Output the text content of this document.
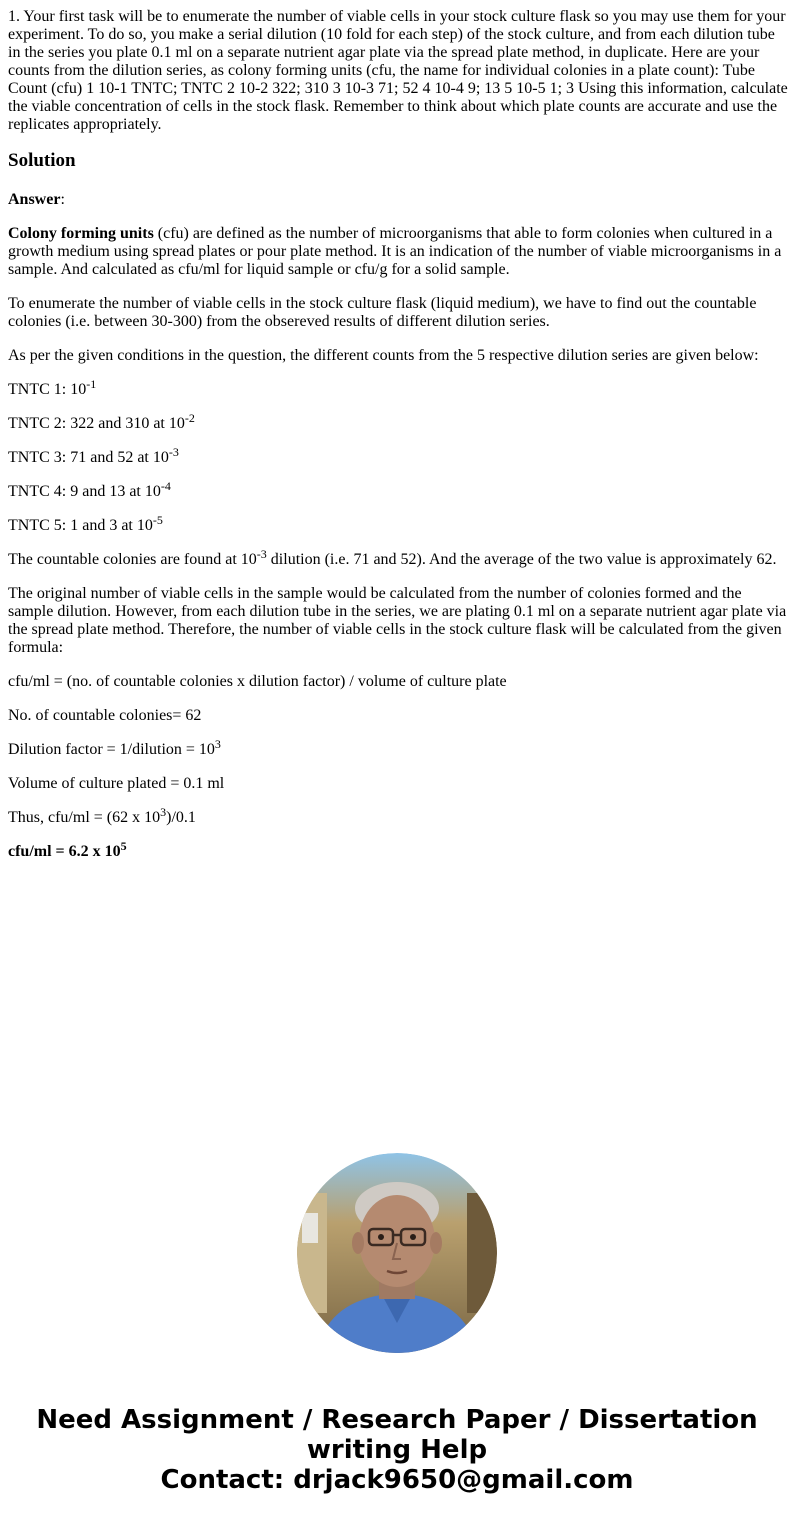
1. Your first task will be to enumerate the number of viable cells in your stock culture flask so you may use them for your experiment. To do so, you make a serial dilution (10 fold for each step) of the stock culture, and from each dilution tube in the series you plate 0.1 ml on a separate nutrient agar plate via the spread plate method, in duplicate. Here are your counts from the dilution series, as colony forming units (cfu, the name for individual colonies in a plate count): Tube Count (cfu) 1 10-1 TNTC; TNTC 2 10-2 322; 310 3 10-3 71; 52 4 10-4 9; 13 5 10-5 1; 3 Using this information, calculate the viable concentration of cells in the stock flask. Remember to think about which plate counts are accurate and use the replicates appropriately.

Solution

Answer:

Colony forming units (cfu) are defined as the number of microorganisms that able to form colonies when cultured in a growth medium using spread plates or pour plate method. It is an indication of the number of viable microorganisms in a sample. And calculated as cfu/ml for liquid sample or cfu/g for a solid sample.

To enumerate the number of viable cells in the stock culture flask (liquid medium), we have to find out the countable colonies (i.e. between 30-300) from the obsereved results of different dilution series.

As per the given conditions in the question, the different counts from the 5 respective dilution series are given below:

TNTC 1: $10^{-1}$

TNTC 2: 322 and 310 at $10^{-2}$

TNTC 3: 71 and 52 at $10^{-3}$

TNTC 4: 9 and 13 at $10^{-4}$

TNTC 5: 1 and 3 at $10^{-5}$

The countable colonies are found at $10^{-3}$ dilution (i.e. 71 and 52). And the average of the two value is approximately 62.

The original number of viable cells in the sample would be calculated from the number of colonies formed and the sample dilution. However, from each dilution tube in the series, we are plating 0.1 ml on a separate nutrient agar plate via the spread plate method. Therefore, the number of viable cells in the stock culture flask will be calculated from the given formula:

cfu/ml = (no. of countable colonies x dilution factor) / volume of culture plate

No. of countable colonies= 62

Dilution factor = 1/dilution = $10^3$

Volume of culture plated = 0.1 ml

Thus, cfu/ml = (62 x $10^3)/0.1$

cfu/ml = 6.2 x $10^5$

Need Assignment / Research Paper / Dissertation
writing Help
Contact: drjack9650@gmail.com
